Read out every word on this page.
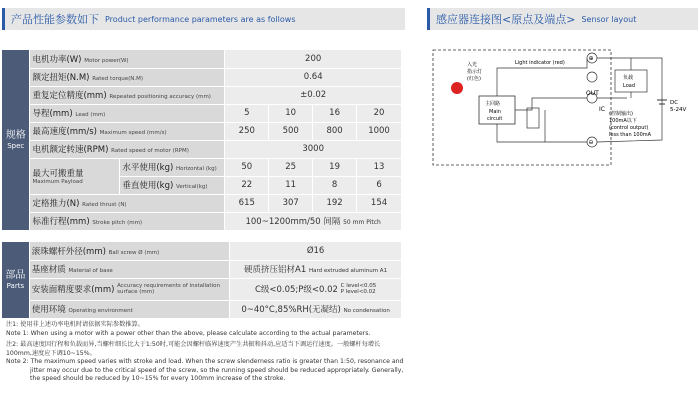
产品性能参数如下 Product performance parameters are as follows	感应器连接图<原点及端点> Sensor layout
规格
Spec	电机功率(W) Motor power(W)		200			
	额定扭矩(N.M) Rated torque(N.M)		0.64			
	重复定位精度(mm) Repeated positioning accuracy (mm)		±0.02			
	导程(mm) Lead (mm)		5	10	16	20
	最高速度(mm/s) Maximum speed (mm/s)		250	500	800	1000
	电机额定转速(RPM) Rated speed of motor (RPM)		3000			

	最大可搬重量
Maximum Payload	水平使用(kg) Horizontal (kg)	50	25	19	13
		垂直使用(kg) Vertical(kg)	22	11	8	6
	定格推力(N) Rated thrust (N)		615	307	192	154
	标准行程(mm) Stroke pitch (mm)		100~1200mm/50 间隔 50 mm Pitch			

部品
Parts	滚珠螺杆外径(mm) Ball screw Ø (mm)	Ø16
	基座材质 Material of base	硬质挤压铝材A1 Hard extruded aluminum A1
	安装面精度要求(mm) Accuracy requirements of installation surface (mm)	C级<0.05;P级<0.02 C level<0.05
P level<0.02
	使用环境 Operating environment	0~40°C,85%RH(无凝结) No condensation
注1: 使用非上述功率电机时请依据实际参数推算。
Note 1: When using a motor with a power other than the above, please calculate according to the actual parameters.
注2: 最高速度因行程和负载而异,当螺杆细长比大于1:50时,可能会因螺杆临界速度产生共振和抖动,应适当下调运行速度。一般螺杆每增长100mm,速度应下调10~15%。
Note 2: The maximum speed varies with stroke and load. When the screw slenderness ratio is greater than 1:50, resonance and jitter may occur due to the critical speed of the screw, so the running speed should be reduced appropriately. Generally, the speed should be reduced by 10~15% for every 100mm increase of the stroke.
Light indicator (red)
入光
指示灯
(红色)
主回路
Main
circuit
⊕
⊖
OUT
IC
负载
Load
DC
5-24V
(控制输出)
100mA以下
(control output)
less than 100mA
